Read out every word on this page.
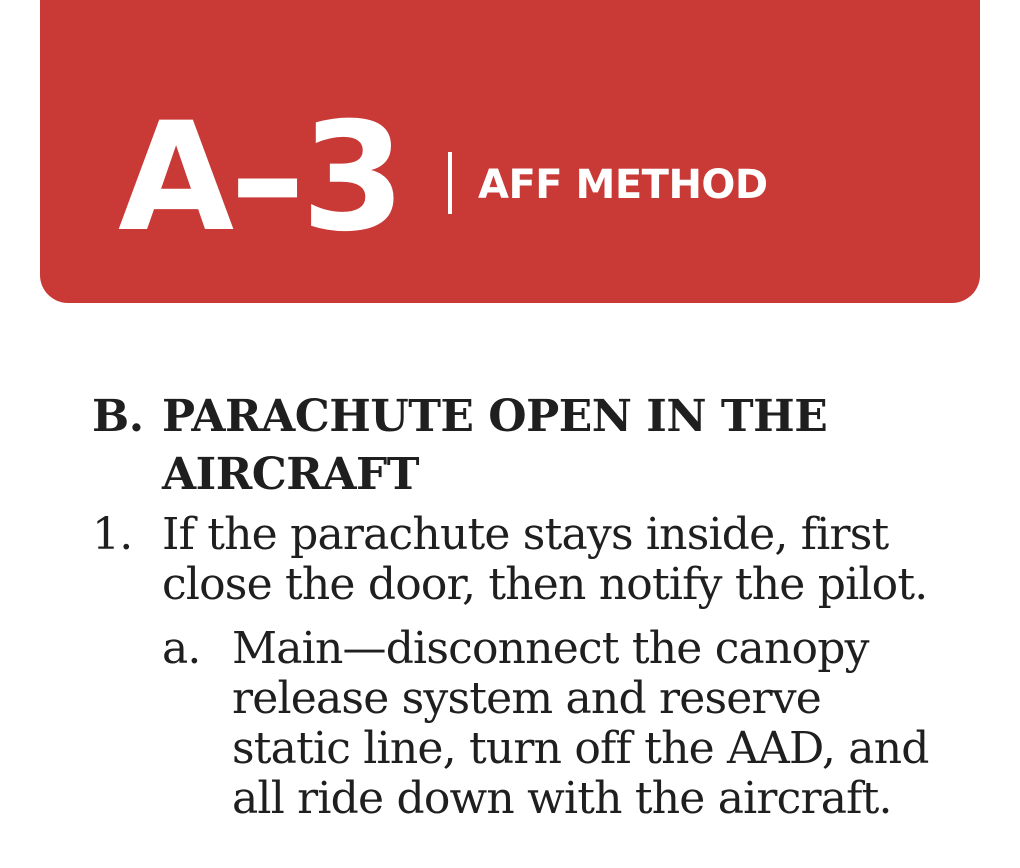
A–3 AFF METHOD
B. PARACHUTE OPEN IN THE AIRCRAFT
1. If the parachute stays inside, first close the door, then notify the pilot.
a. Main—disconnect the canopy release system and reserve static line, turn off the AAD, and all ride down with the aircraft.
